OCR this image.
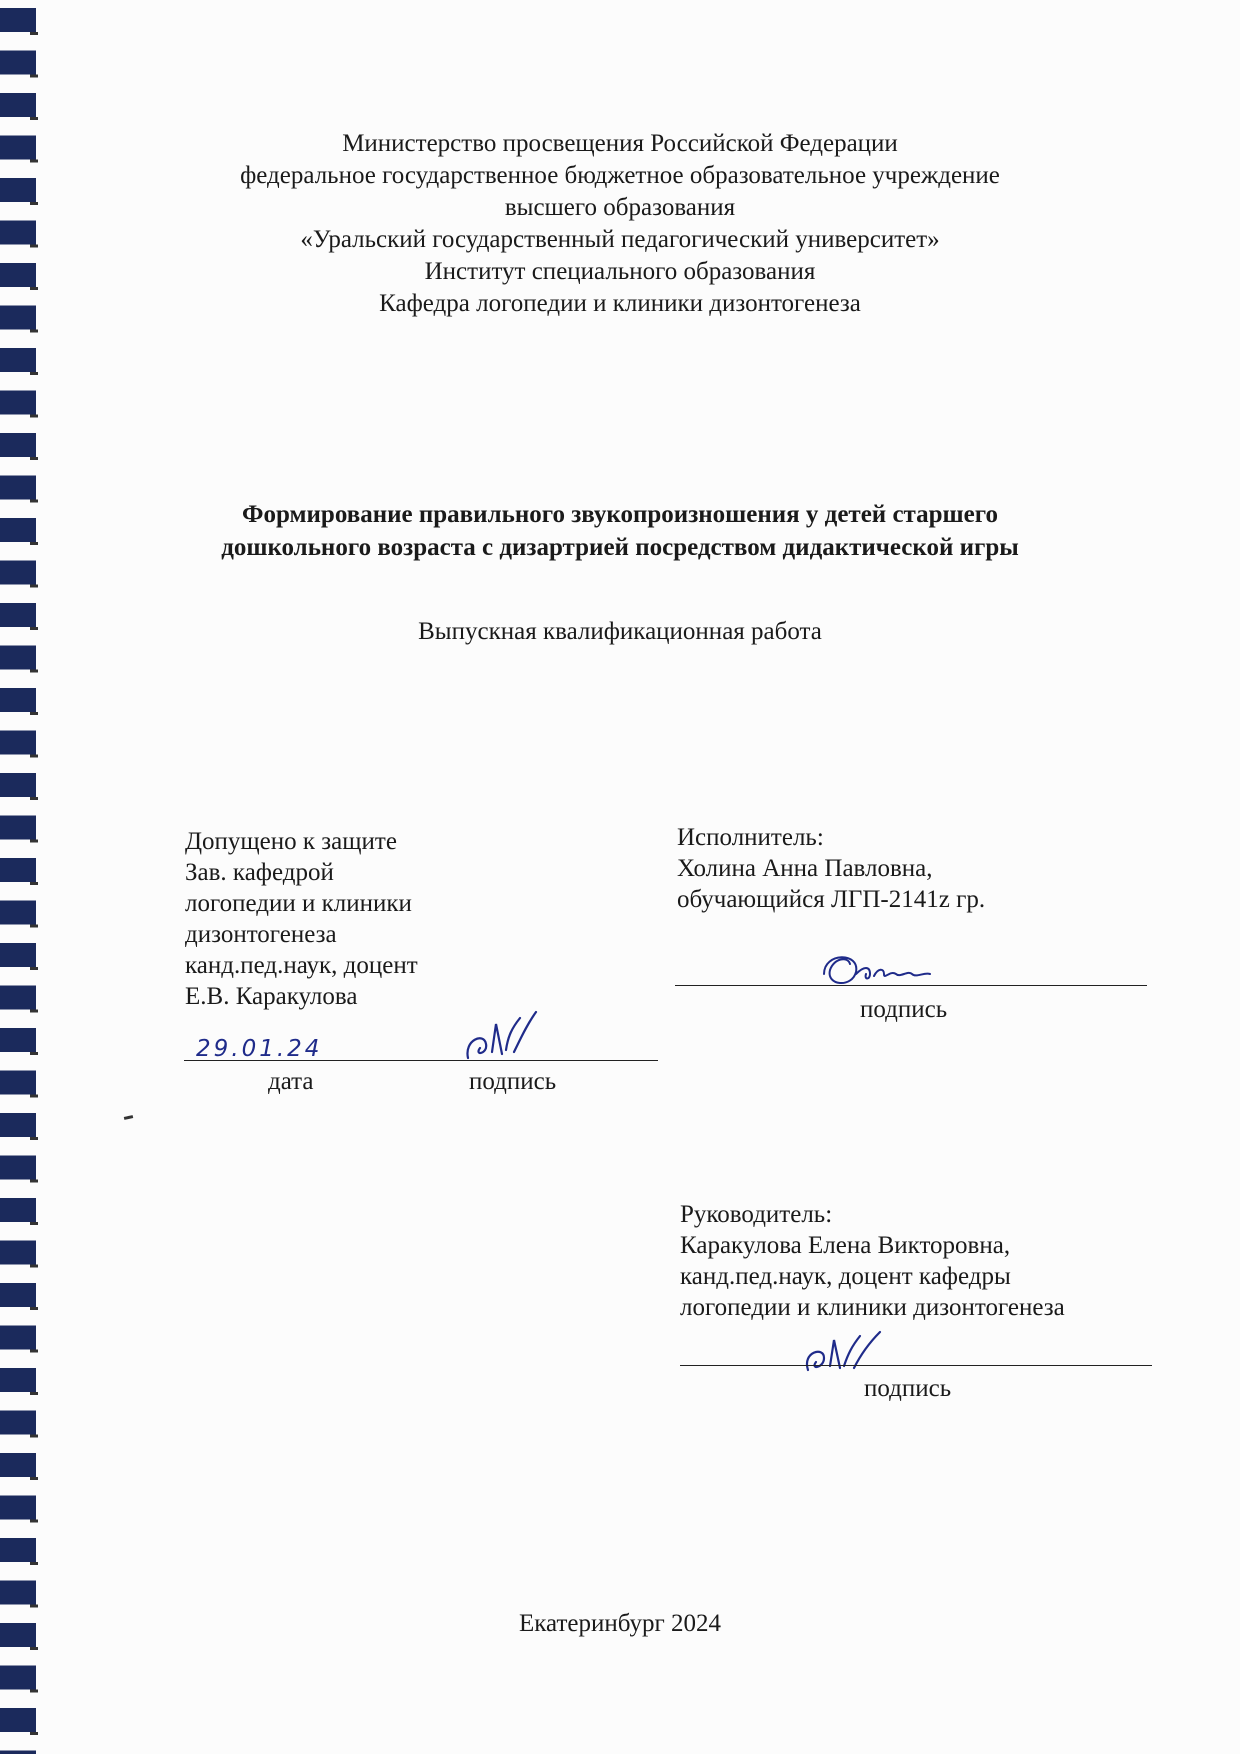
Министерство просвещения Российской Федерации
федеральное государственное бюджетное образовательное учреждение
высшего образования
«Уральский государственный педагогический университет»
Институт специального образования
Кафедра логопедии и клиники дизонтогенеза
Формирование правильного звукопроизношения у детей старшего
дошкольного возраста с дизартрией посредством дидактической игры
Выпускная квалификационная работа
Допущено к защите
Зав. кафедрой
логопедии и клиники
дизонтогенеза
канд.пед.наук, доцент
Е.В. Каракулова
29.01.24
дата	подпись
Исполнитель:
Холина Анна Павловна,
обучающийся ЛГП-2141z гр.
подпись
Руководитель:
Каракулова Елена Викторовна,
канд.пед.наук, доцент кафедры
логопедии и клиники дизонтогенеза
подпись
Екатеринбург 2024
